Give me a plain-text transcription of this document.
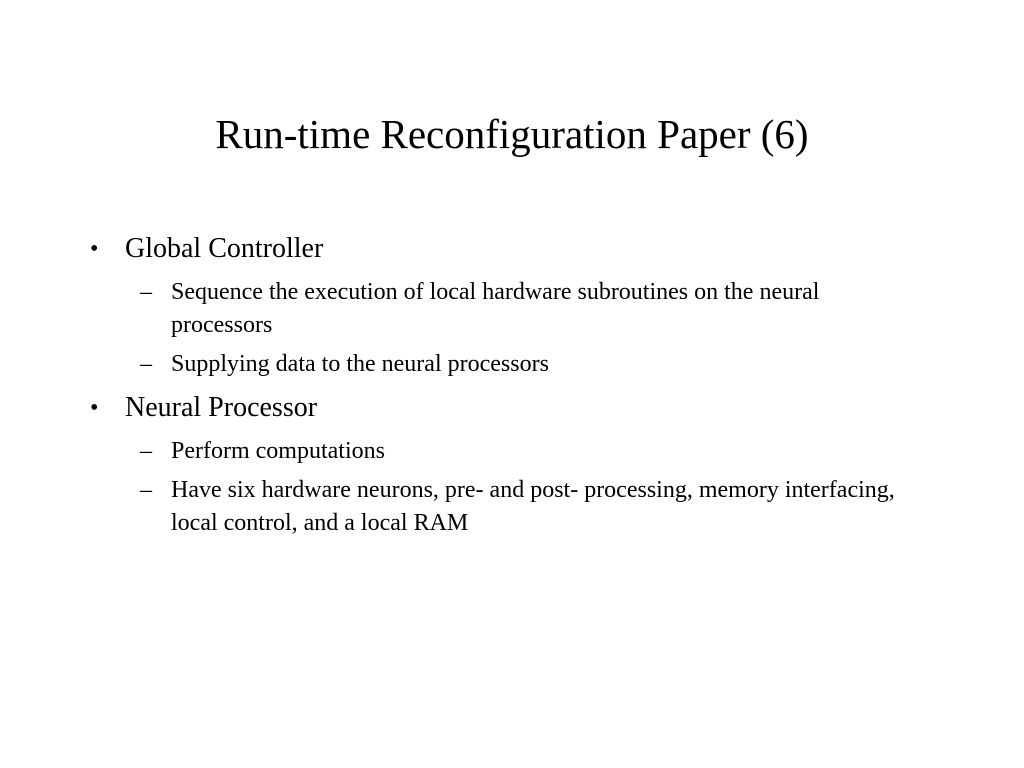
Run-time Reconfiguration Paper (6)
• Global Controller
– Sequence the execution of local hardware subroutines on the neural processors
– Supplying data to the neural processors
•
• Neural Processor
– Perform computations
– Have six hardware neurons, pre- and post- processing, memory interfacing, local control, and a local RAM
